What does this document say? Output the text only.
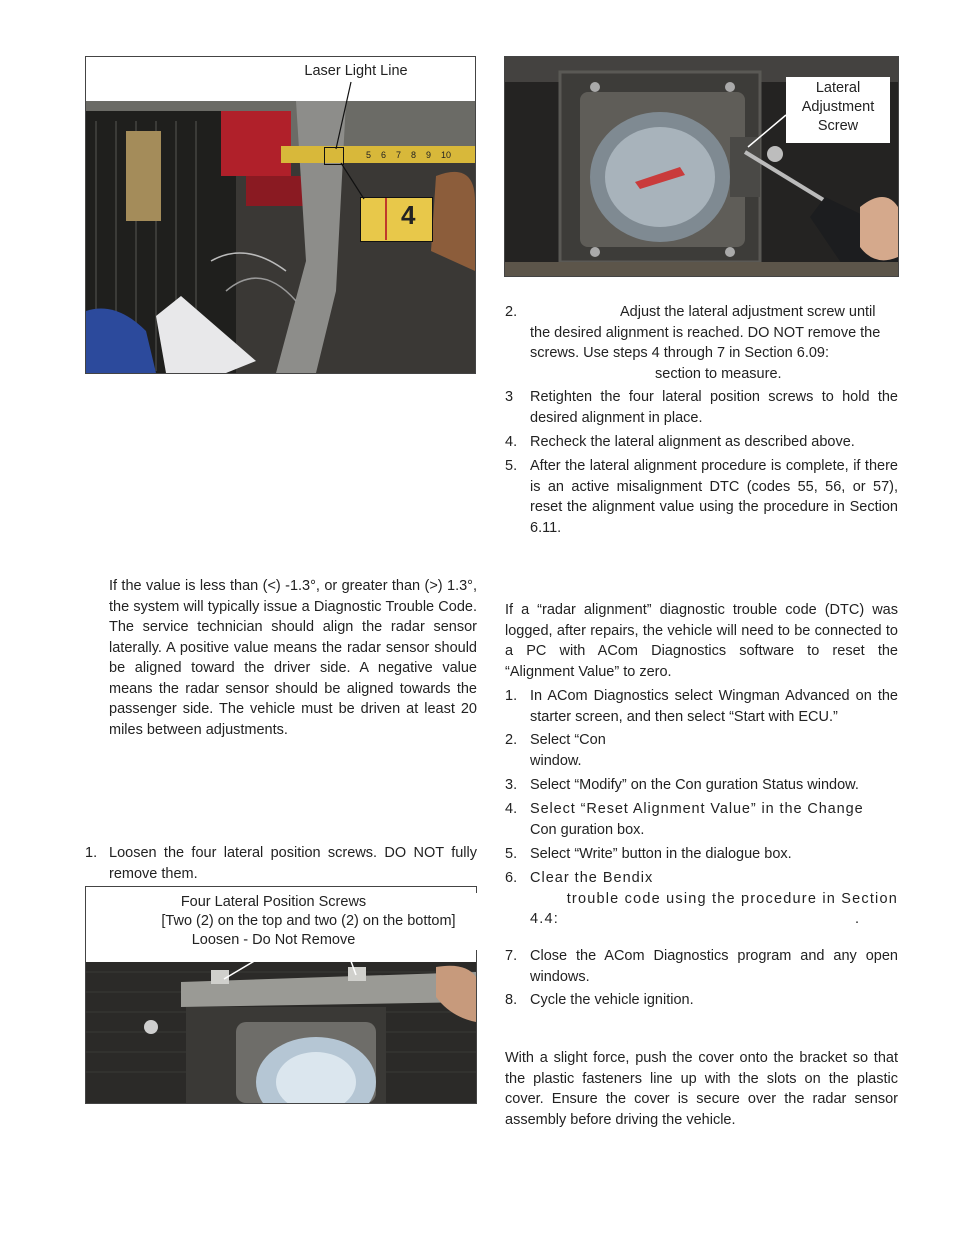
Laser Light Line
5 6 7 8 9 10
4
Lateral
Adjustment
Screw
2.	Adjust the lateral adjustment screw until
the desired alignment is reached. DO NOT remove the
screws. Use steps 4 through 7 in Section 6.09:
section to measure.
3 Retighten the four lateral position screws to hold the desired alignment in place.
4. Recheck the lateral alignment as described above.
5. After the lateral alignment procedure is complete, if there is an active misalignment DTC (codes 55, 56, or 57), reset the alignment value using the procedure in Section 6.11.
If the value is less than (<) -1.3°, or greater than (>) 1.3°, the system will typically issue a Diagnostic Trouble Code. The service technician should align the radar sensor laterally. A positive value means the radar sensor should be aligned toward the driver side. A negative value means the radar sensor should be aligned towards the passenger side. The vehicle must be driven at least 20 miles between adjustments.
1. Loosen the four lateral position screws. DO NOT fully remove them.
Four Lateral Position Screws
[Two (2) on the top and two (2) on the bottom]
Loosen - Do Not Remove
If a “radar alignment” diagnostic trouble code (DTC) was logged, after repairs, the vehicle will need to be connected to a PC with ACom Diagnostics software to reset the “Alignment Value” to zero.
1. In ACom Diagnostics select Wingman Advanced on the starter screen, and then select “Start with ECU.”
2. Select “Con
window.
3. Select “Modify” on the Con guration Status window.
4. Select “Reset Alignment Value” in the Change
Con guration box.
5. Select “Write” button in the dialogue box.
6. Clear the Bendix
trouble code using the procedure in Section
4.4:	.
7. Close the ACom Diagnostics program and any open windows.
8. Cycle the vehicle ignition.
With a slight force, push the cover onto the bracket so that the plastic fasteners line up with the slots on the plastic cover. Ensure the cover is secure over the radar sensor assembly before driving the vehicle.
